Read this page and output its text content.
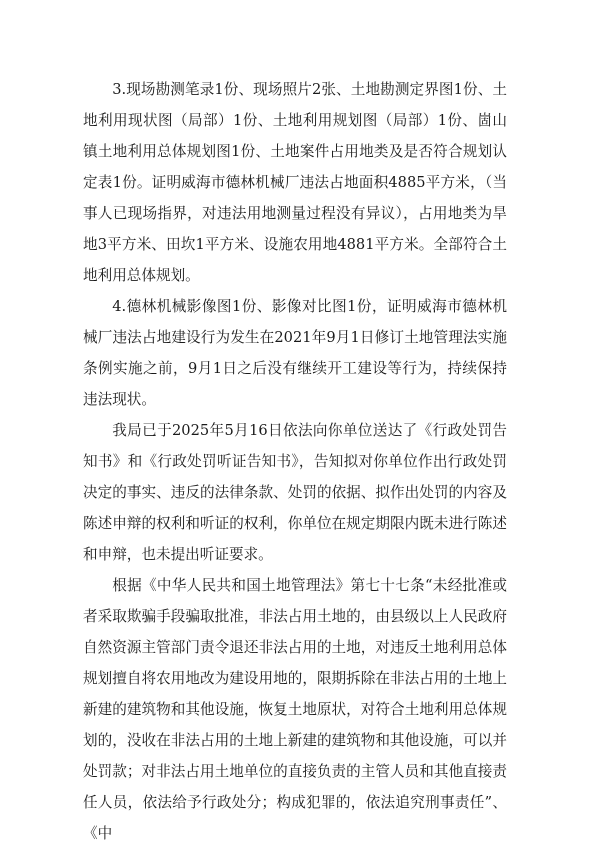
3.现场勘测笔录1份、现场照片2张、土地勘测定界图1份、土地利用现状图（局部）1份、土地利用规划图（局部）1份、崮山镇土地利用总体规划图1份、土地案件占用地类及是否符合规划认定表1份。证明威海市德林机械厂违法占地面积4885平方米，（当事人已现场指界，对违法用地测量过程没有异议），占用地类为旱地3平方米、田坎1平方米、设施农用地4881平方米。全部符合土地利用总体规划。

4.德林机械影像图1份、影像对比图1份，证明威海市德林机械厂违法占地建设行为发生在2021年9月1日修订土地管理法实施条例实施之前，9月1日之后没有继续开工建设等行为，持续保持违法现状。

我局已于2025年5月16日依法向你单位送达了《行政处罚告知书》和《行政处罚听证告知书》，告知拟对你单位作出行政处罚决定的事实、违反的法律条款、处罚的依据、拟作出处罚的内容及陈述申辩的权利和听证的权利，你单位在规定期限内既未进行陈述和申辩，也未提出听证要求。

根据《中华人民共和国土地管理法》第七十七条“未经批准或者采取欺骗手段骗取批准，非法占用土地的，由县级以上人民政府自然资源主管部门责令退还非法占用的土地，对违反土地利用总体规划擅自将农用地改为建设用地的，限期拆除在非法占用的土地上新建的建筑物和其他设施，恢复土地原状，对符合土地利用总体规划的，没收在非法占用的土地上新建的建筑物和其他设施，可以并处罚款；对非法占用土地单位的直接负责的主管人员和其他直接责任人员，依法给予行政处分；构成犯罪的，依法追究刑事责任”、《中
